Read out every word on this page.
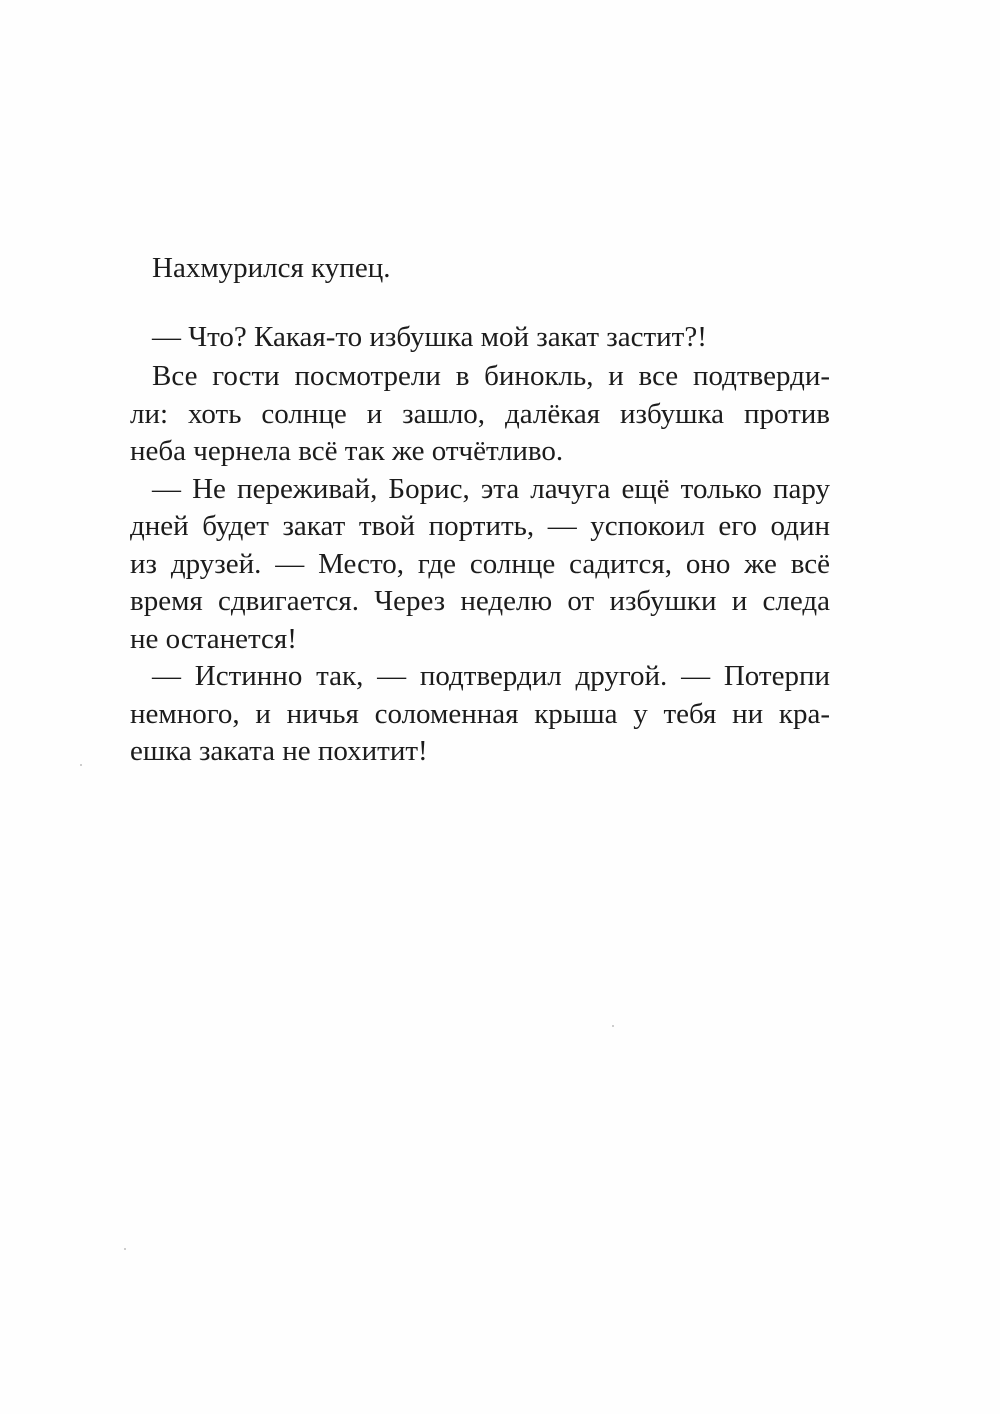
Нахмурился купец.
— Что? Какая-то избушка мой закат застит?!
Все гости посмотрели в бинокль, и все подтверди-
ли: хоть солнце и зашло, далёкая избушка против
неба чернела всё так же отчётливо.
— Не переживай, Борис, эта лачуга ещё только пару
дней будет закат твой портить, — успокоил его один
из друзей. — Место, где солнце садится, оно же всё
время сдвигается. Через неделю от избушки и следа
не останется!
— Истинно так, — подтвердил другой. — Потерпи
немного, и ничья соломенная крыша у тебя ни кра-
ешка заката не похитит!
